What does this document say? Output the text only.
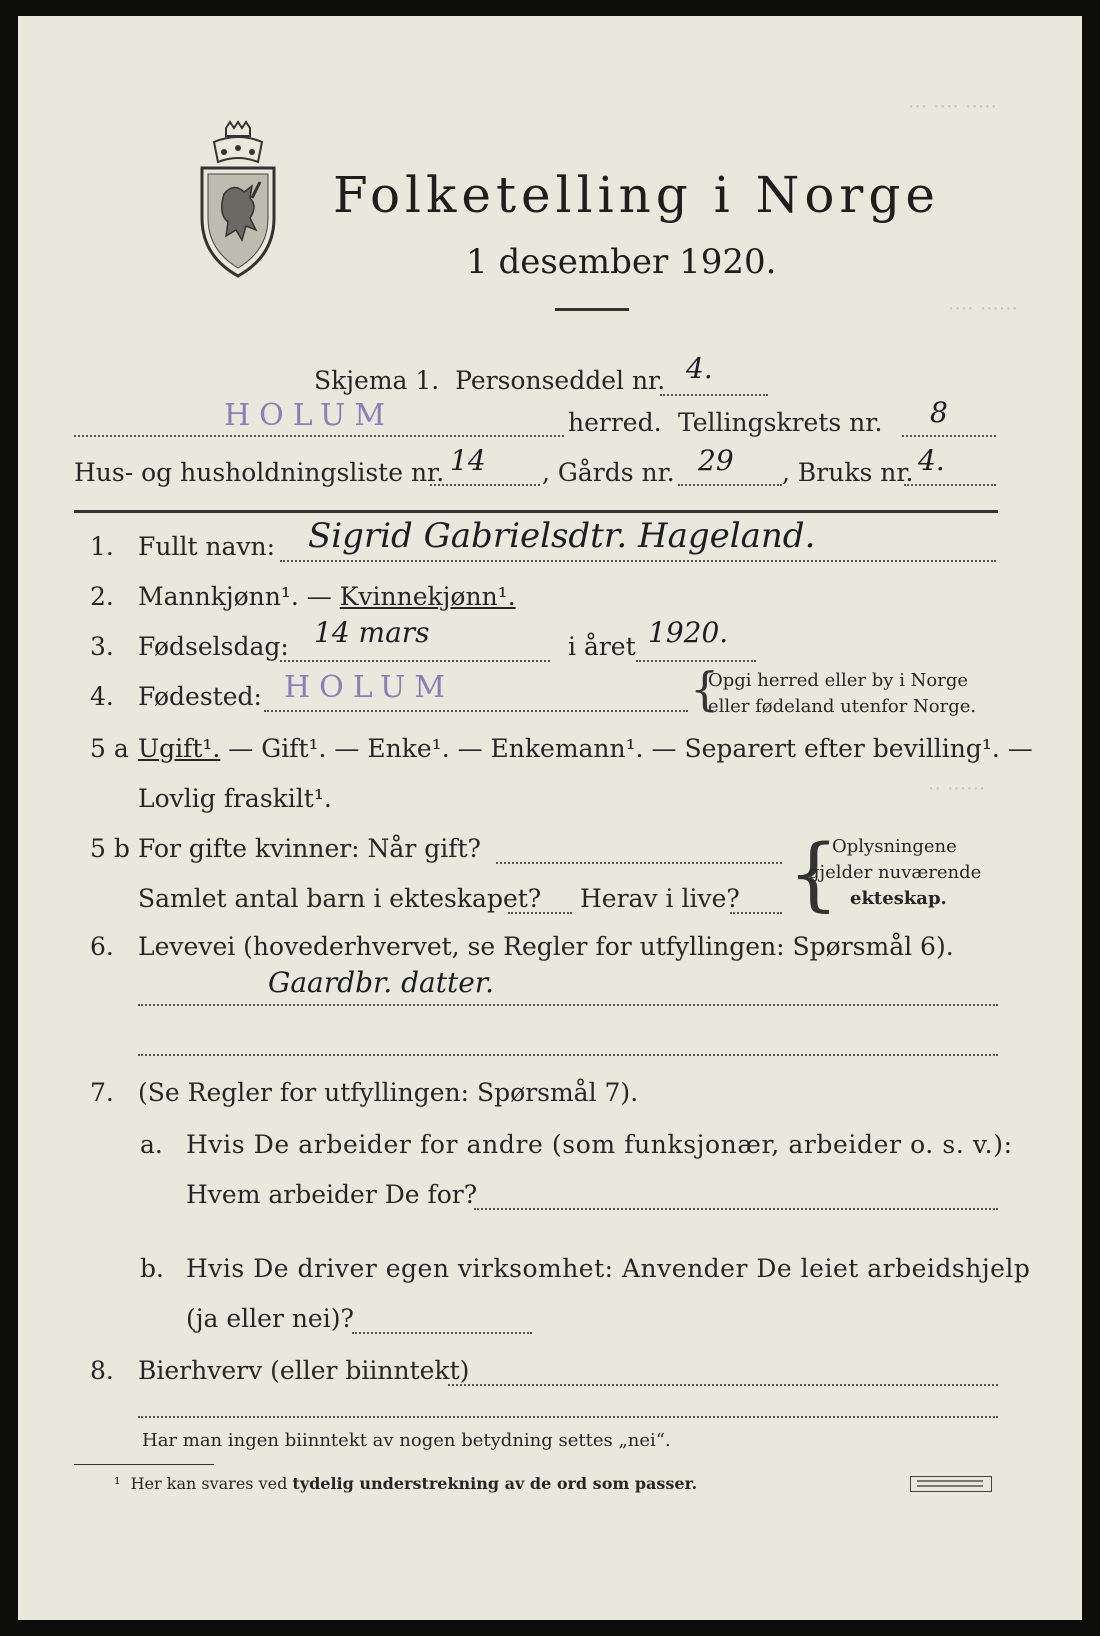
··· ···· ·····
···· ······
·· ······
Folketelling i Norge
1 desember 1920.
Skjema 1. Personseddel nr. 4.
HOLUM	herred. Tellingskrets nr. 8
Hus- og husholdningsliste nr. 14 , Gårds nr. 29 , Bruks nr. 4.
1. Fullt navn: Sigrid Gabrielsdtr. Hageland.
2. Mannkjønn¹. — Kvinnekjønn¹.
3. Fødselsdag: 14 mars	i året 1920.
4. Fødested: HOLUM	{
Opgi herred eller by i Norge
eller fødeland utenfor Norge.
5 a Ugift¹. — Gift¹. — Enke¹. — Enkemann¹. — Separert efter bevilling¹. —
Lovlig fraskilt¹.
5 b For gifte kvinner: Når gift?
Samlet antal barn i ekteskapet? Herav i live? {
Oplysningene
gjelder nuværende
ekteskap.
6. Levevei (hovederhvervet, se Regler for utfyllingen: Spørsmål 6).
Gaardbr. datter.
7. (Se Regler for utfyllingen: Spørsmål 7).
a. Hvis De arbeider for andre (som funksjonær, arbeider o. s. v.):
Hvem arbeider De for?
b. Hvis De driver egen virksomhet: Anvender De leiet arbeidshjelp
(ja eller nei)?
8. Bierhverv (eller biinntekt)
Har man ingen biinntekt av nogen betydning settes „nei“.
¹ Her kan svares ved tydelig understrekning av de ord som passer.
